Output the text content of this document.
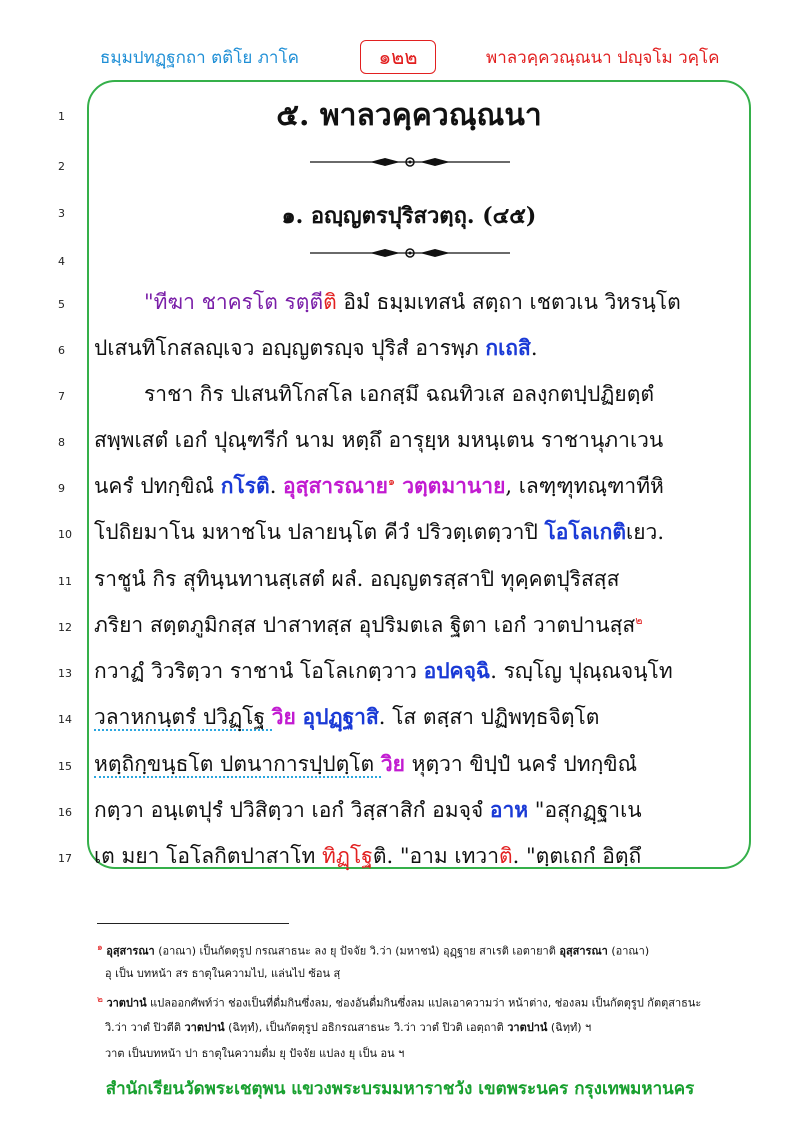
ธมฺมปทฏฺฐกถา ตติโย ภาโค	๑๒๒	พาลวคฺควณฺณนา ปญฺจโม วคฺโค
1
2
3
4
5
6
7
8
9
10
11
12
13
14
15
16
17
๕. พาลวคฺควณฺณนา
๑. อญฺญตรปุริสวตฺถุ. (๔๕)
"ทีฆา ชาครโต รตฺตีติ อิมํ ธมฺมเทสนํ สตฺถา เชตวเน วิหรนฺโต
ปเสนทิโกสลญฺเจว อญฺญตรญฺจ ปุริสํ อารพฺภ กเถสิ.
ราชา กิร ปเสนทิโกสโล เอกสฺมึ ฉณทิวเส อลงฺกตปฺปฏิยตฺตํ
สพฺพเสตํ เอกํ ปุณฺฑรีกํ นาม หตฺถึ อารุยฺห มหนฺเตน ราชานุภาเวน
นครํ ปทกฺขิณํ กโรติ. อุสฺสารณาย$^๑$ วตฺตมานาย, เลฑฺฑุทณฺฑาทีหิ
โปถิยมาโน มหาชโน ปลายนฺโต คีวํ ปริวตฺเตตฺวาปิ โอโลเกติเยว.
ราชูนํ กิร สุทินฺนทานสฺเสตํ ผลํ. อญฺญตรสฺสาปิ ทุคฺคตปุริสสฺส
ภริยา สตฺตภูมิกสฺส ปาสาทสฺส อุปริมตเล ฐิตา เอกํ วาตปานสฺส$^๒$
กวาฏํ วิวริตฺวา ราชานํ โอโลเกตฺวาว อปคจฺฉิ. รญฺโญ ปุณฺณจนฺโท
วลาหกนฺตรํ ปวิฏฺโฐ วิย อุปฏฺฐาสิ. โส ตสฺสา ปฏิพทฺธจิตฺโต
หตฺถิกฺขนฺธโต ปตนาการปฺปตฺโต วิย หุตฺวา ขิปฺปํ นครํ ปทกฺขิณํ
กตฺวา อนฺเตปุรํ ปวิสิตฺวา เอกํ วิสฺสาสิกํ อมจฺจํ อาห "อสุกฏฺฐาเน
เต มยา โอโลกิตปาสาโท ทิฏฺโฐติ. "อาม เทวาติ. "ตฺตเถกํ อิตฺถึ
$^๑$ อุสฺสารณา (อาณา) เป็นกัตตุรูป กรณสาธนะ ลง ยุ ปัจจัย วิ.ว่า (มหาชนํ) อุฏฺฐาย สาเรติ เอตายาติ อุสฺสารณา (อาณา)
อุ เป็น บทหน้า สร ธาตุในความไป, แล่นไป ซ้อน สฺ
$^๒$ วาตปานํ แปลออกศัพท์ว่า ช่องเป็นที่ดื่มกินซึ่งลม, ช่องอันดื่มกินซึ่งลม แปลเอาความว่า หน้าต่าง, ช่องลม เป็นกัตตุรูป กัตตุสาธนะ
วิ.ว่า วาตํ ปิวตีติ วาตปานํ (ฉิทฺทํ), เป็นกัตตุรูป อธิกรณสาธนะ วิ.ว่า วาตํ ปิวติ เอตฺถาติ วาตปานํ (ฉิทฺทํ) ฯ
วาต เป็นบทหน้า ปา ธาตุในความดื่ม ยุ ปัจจัย แปลง ยุ เป็น อน ฯ
สำนักเรียนวัดพระเชตุพน แขวงพระบรมมหาราชวัง เขตพระนคร กรุงเทพมหานคร
